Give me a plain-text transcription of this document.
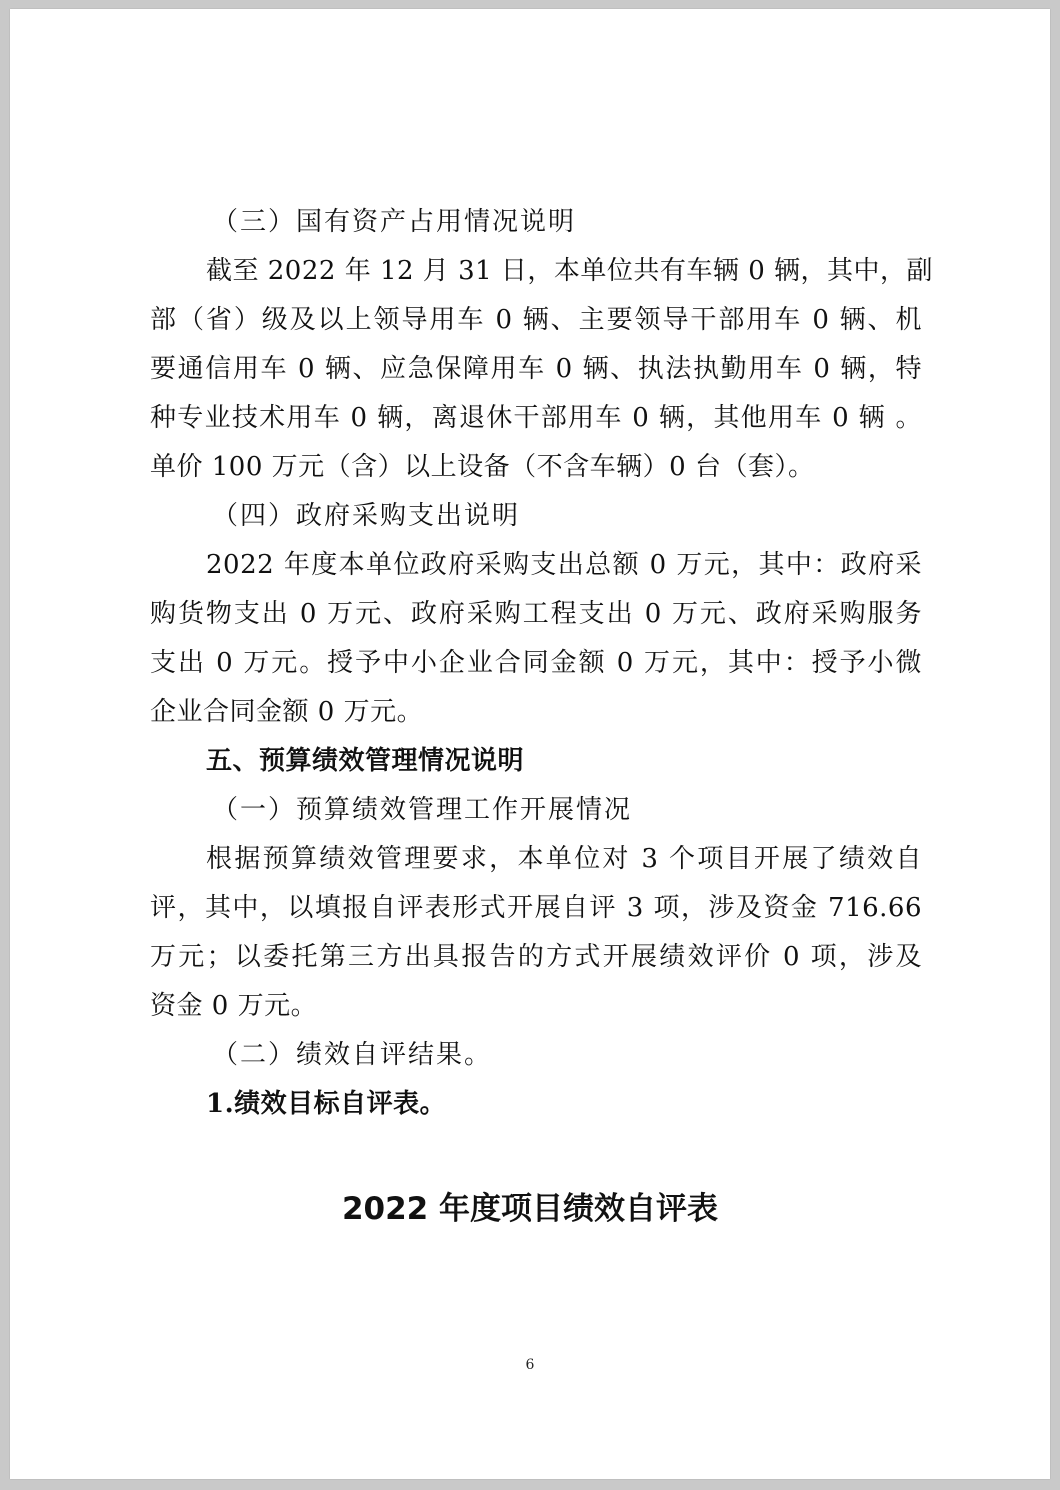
（三）国有资产占用情况说明

截至 2022 年 12 月 31 日，本单位共有车辆 0 辆，其中，副

部（省）级及以上领导用车 0 辆、主要领导干部用车 0 辆、机

要通信用车 0 辆、应急保障用车 0 辆、执法执勤用车 0 辆，特

种专业技术用车 0 辆，离退休干部用车 0 辆，其他用车 0 辆 。

单价 100 万元（含）以上设备（不含车辆）0 台（套）。

（四）政府采购支出说明

2022 年度本单位政府采购支出总额 0 万元，其中：政府采

购货物支出 0 万元、政府采购工程支出 0 万元、政府采购服务

支出 0 万元。授予中小企业合同金额 0 万元，其中：授予小微

企业合同金额 0 万元。

五、预算绩效管理情况说明

（一）预算绩效管理工作开展情况

根据预算绩效管理要求，本单位对 3 个项目开展了绩效自

评，其中，以填报自评表形式开展自评 3 项，涉及资金 716.66

万元；以委托第三方出具报告的方式开展绩效评价 0 项，涉及

资金 0 万元。

（二）绩效自评结果。

1.绩效目标自评表。

2022 年度项目绩效自评表
6
